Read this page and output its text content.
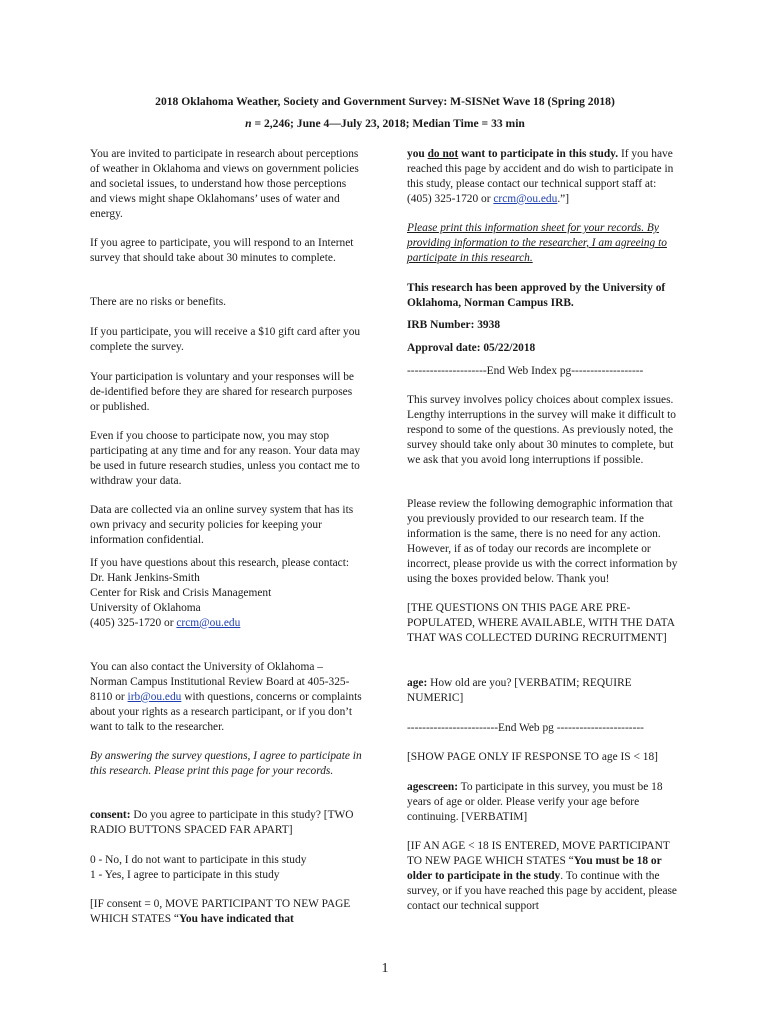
2018 Oklahoma Weather, Society and Government Survey: M-SISNet Wave 18 (Spring 2018)
n = 2,246; June 4—July 23, 2018; Median Time = 33 min

You are invited to participate in research about perceptions of weather in Oklahoma and views on government policies and societal issues, to understand how those perceptions and views might shape Oklahomans’ uses of water and energy.

If you agree to participate, you will respond to an Internet survey that should take about 30 minutes to complete.

There are no risks or benefits.

If you participate, you will receive a $10 gift card after you complete the survey.

Your participation is voluntary and your responses will be de-identified before they are shared for research purposes or published.

Even if you choose to participate now, you may stop participating at any time and for any reason. Your data may be used in future research studies, unless you contact me to withdraw your data.

Data are collected via an online survey system that has its own privacy and security policies for keeping your information confidential.

If you have questions about this research, please contact:
Dr. Hank Jenkins-Smith
Center for Risk and Crisis Management
University of Oklahoma
(405) 325-1720 or crcm@ou.edu

You can also contact the University of Oklahoma – Norman Campus Institutional Review Board at 405-325-8110 or irb@ou.edu with questions, concerns or complaints about your rights as a research participant, or if you don’t want to talk to the researcher.

By answering the survey questions, I agree to participate in this research. Please print this page for your records.

consent: Do you agree to participate in this study? [TWO RADIO BUTTONS SPACED FAR APART]

0 - No, I do not want to participate in this study
1 - Yes, I agree to participate in this study

[IF consent = 0, MOVE PARTICIPANT TO NEW PAGE WHICH STATES “You have indicated that

you do not want to participate in this study. If you have reached this page by accident and do wish to participate in this study, please contact our technical support staff at: (405) 325-1720 or crcm@ou.edu.”]

Please print this information sheet for your records. By providing information to the researcher, I am agreeing to participate in this research.

This research has been approved by the University of Oklahoma, Norman Campus IRB.

IRB Number: 3938

Approval date: 05/22/2018

---------------------End Web Index pg-------------------

This survey involves policy choices about complex issues. Lengthy interruptions in the survey will make it difficult to respond to some of the questions. As previously noted, the survey should take only about 30 minutes to complete, but we ask that you avoid long interruptions if possible.

Please review the following demographic information that you previously provided to our research team. If the information is the same, there is no need for any action. However, if as of today our records are incomplete or incorrect, please provide us with the correct information by using the boxes provided below. Thank you!

[THE QUESTIONS ON THIS PAGE ARE PRE-POPULATED, WHERE AVAILABLE, WITH THE DATA THAT WAS COLLECTED DURING RECRUITMENT]

age: How old are you? [VERBATIM; REQUIRE NUMERIC]

------------------------End Web pg -----------------------

[SHOW PAGE ONLY IF RESPONSE TO age IS < 18]

agescreen: To participate in this survey, you must be 18 years of age or older. Please verify your age before continuing. [VERBATIM]

[IF AN AGE < 18 IS ENTERED, MOVE PARTICIPANT TO NEW PAGE WHICH STATES “You must be 18 or older to participate in the study. To continue with the survey, or if you have reached this page by accident, please contact our technical support

1
